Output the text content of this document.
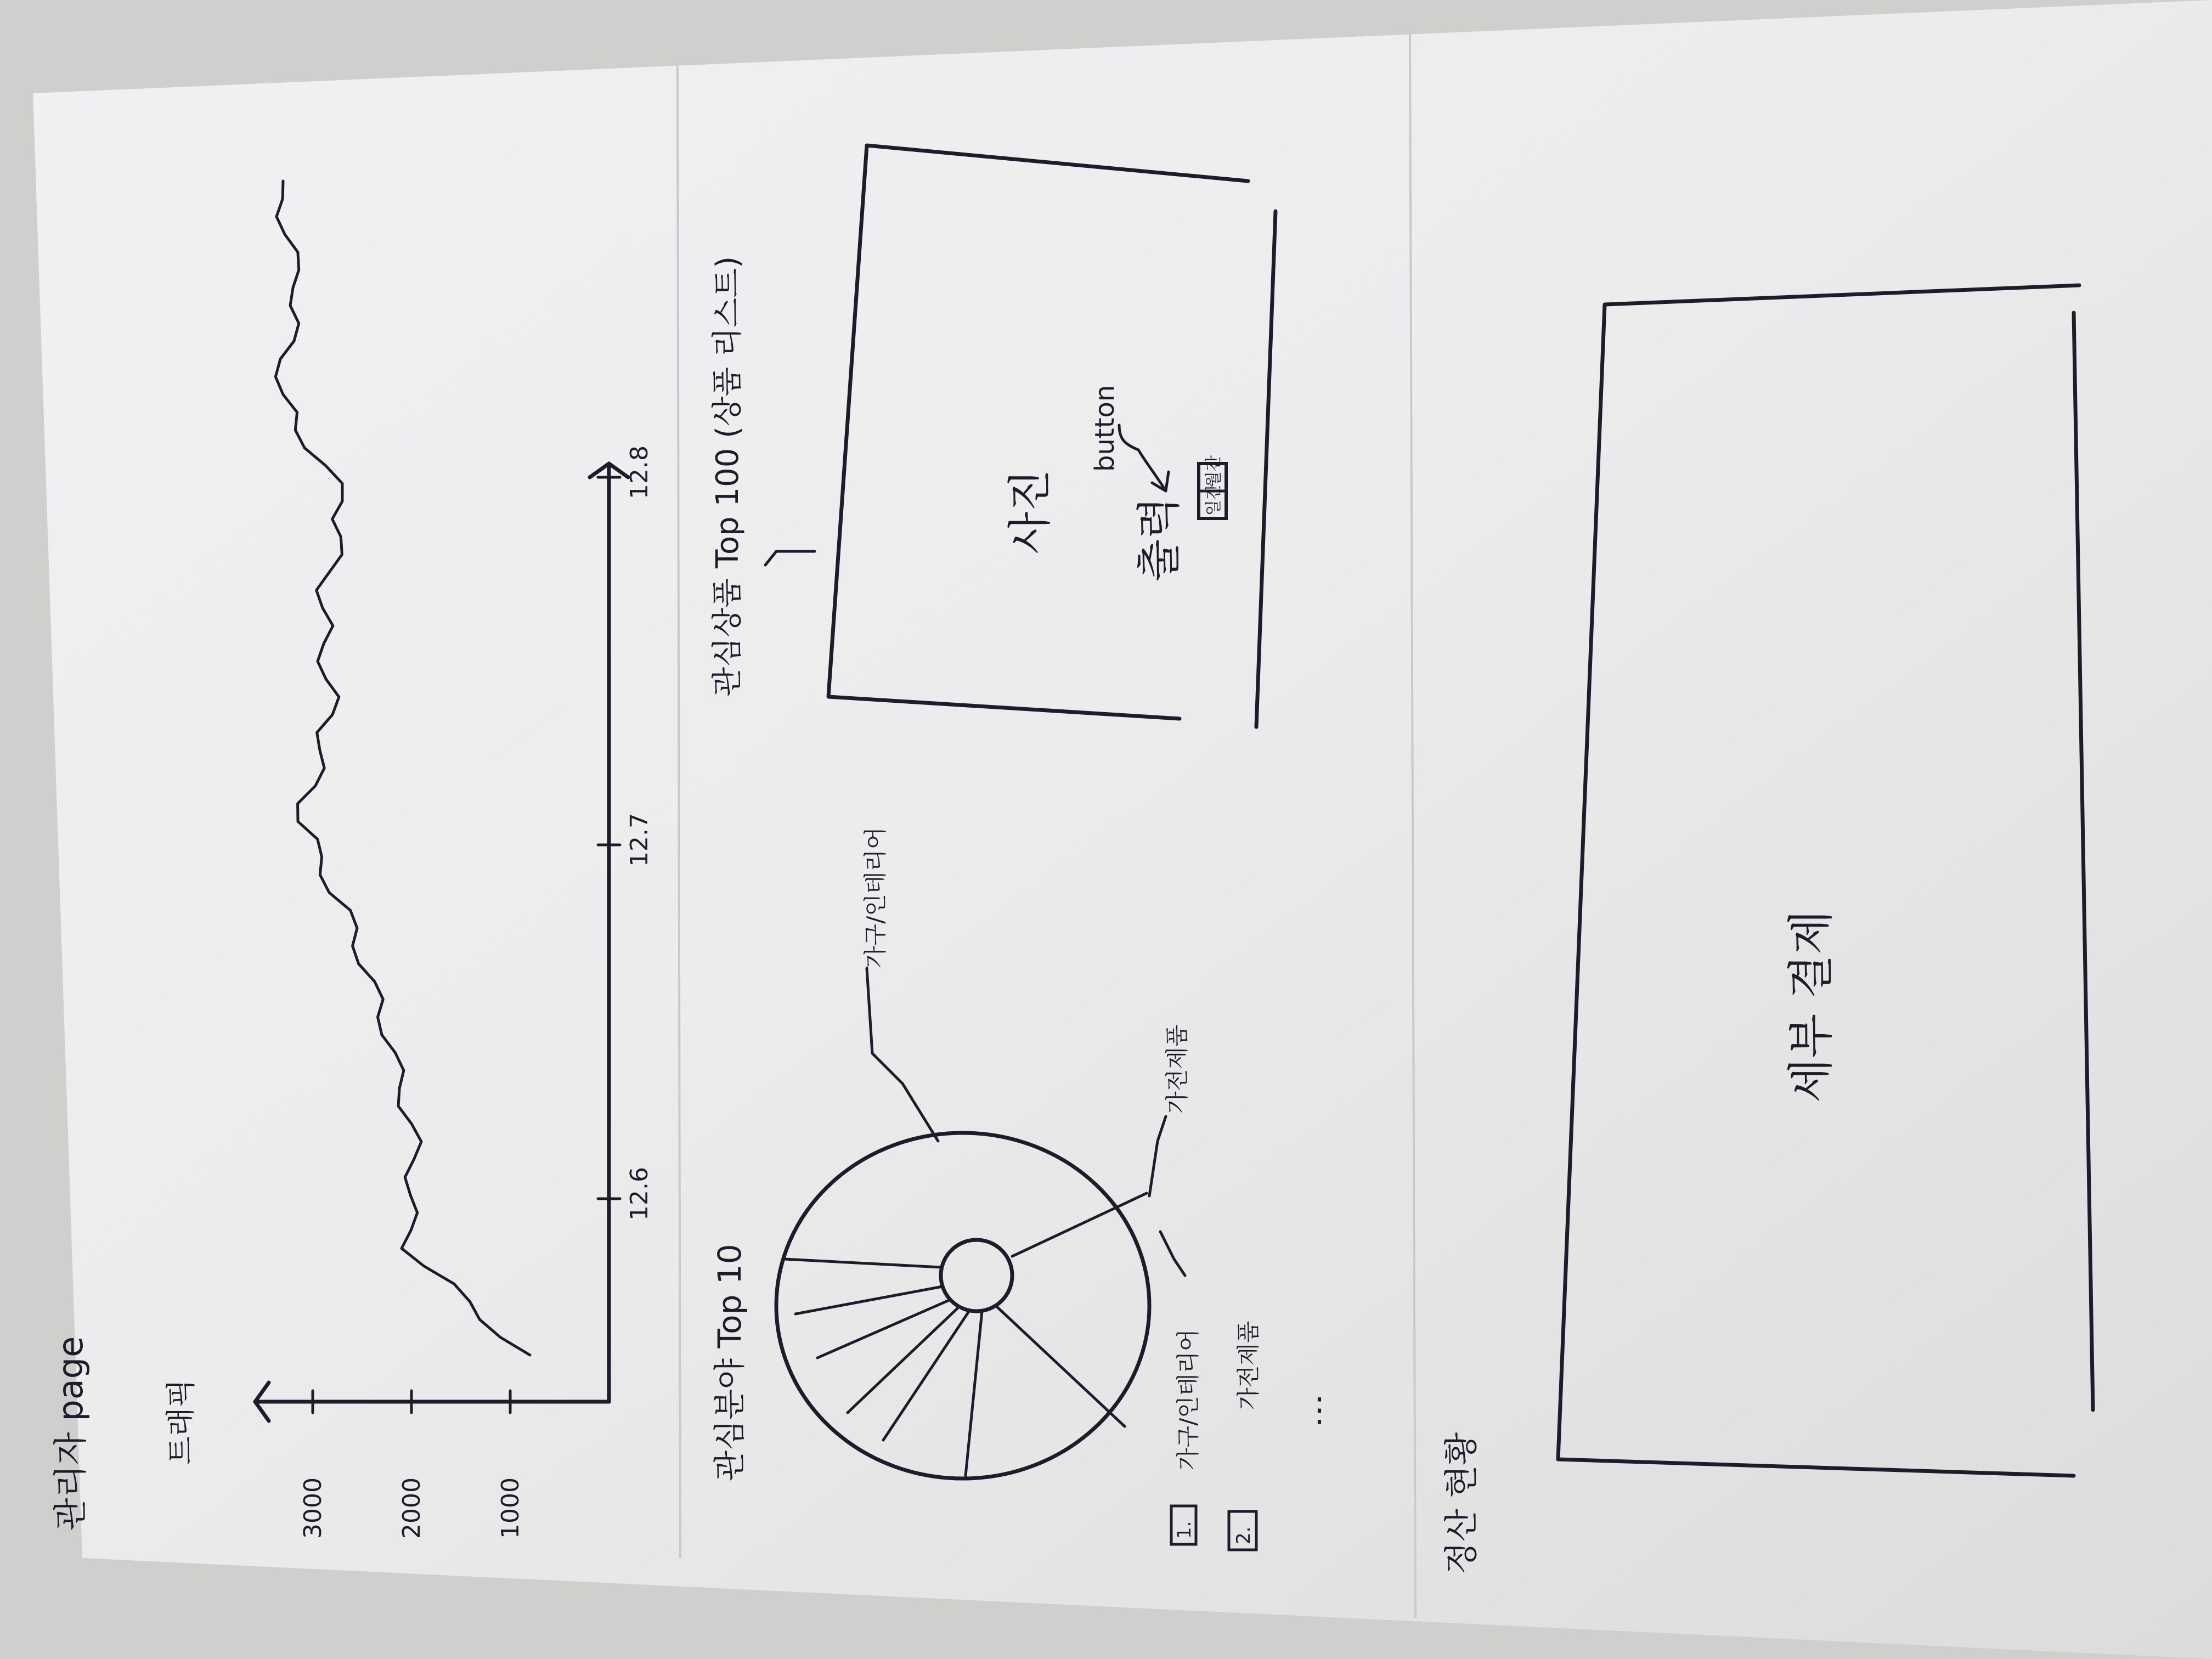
관리자 page 트래픽
1000
2000
3000
12.6
12.7
12.8
일간
월간
button
관심분야 Top 10
가구/인테리어
가전제품
가구/인테리어 가전제품
1. 2.
⋮
관심상품 Top 100 (상품 리스트)	사진 출력
정산 현황
세부 결제
